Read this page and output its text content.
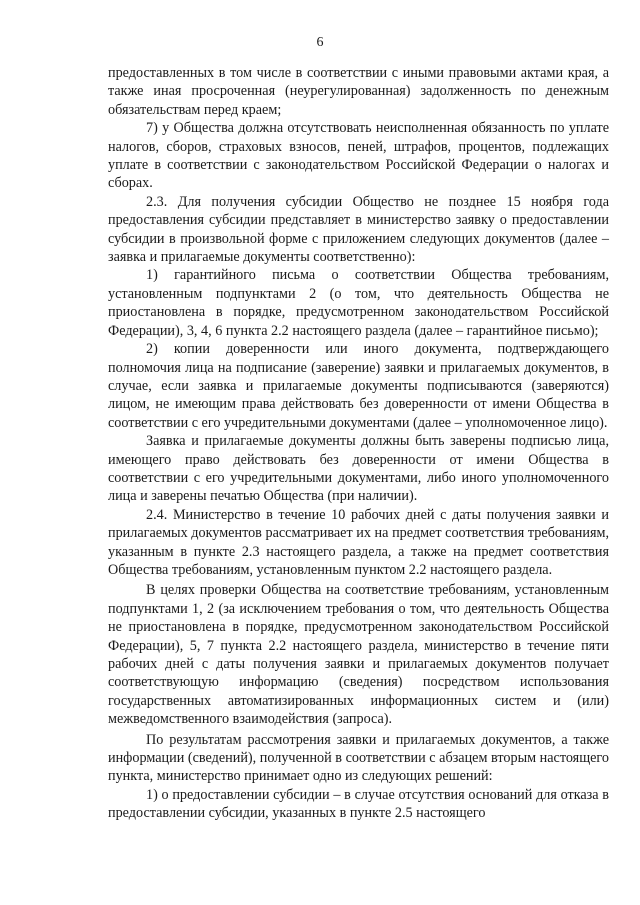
6

предоставленных в том числе в соответствии с иными правовыми актами края, а также иная просроченная (неурегулированная) задолженность по денежным обязательствам перед краем;

7) у Общества должна отсутствовать неисполненная обязанность по уплате налогов, сборов, страховых взносов, пеней, штрафов, процентов, подлежащих уплате в соответствии с законодательством Российской Федерации о налогах и сборах.

2.3. Для получения субсидии Общество не позднее 15 ноября года предоставления субсидии представляет в министерство заявку о предоставлении субсидии в произвольной форме с приложением следующих документов (далее – заявка и прилагаемые документы соответственно):

1) гарантийного письма о соответствии Общества требованиям, установленным подпунктами 2 (о том, что деятельность Общества не приостановлена в порядке, предусмотренном законодательством Российской Федерации), 3, 4, 6 пункта 2.2 настоящего раздела (далее – гарантийное письмо);

2) копии доверенности или иного документа, подтверждающего полномочия лица на подписание (заверение) заявки и прилагаемых документов, в случае, если заявка и прилагаемые документы подписываются (заверяются) лицом, не имеющим права действовать без доверенности от имени Общества в соответствии с его учредительными документами (далее – уполномоченное лицо).

Заявка и прилагаемые документы должны быть заверены подписью лица, имеющего право действовать без доверенности от имени Общества в соответствии с его учредительными документами, либо иного уполномоченного лица и заверены печатью Общества (при наличии).

2.4. Министерство в течение 10 рабочих дней с даты получения заявки и прилагаемых документов рассматривает их на предмет соответствия требованиям, указанным в пункте 2.3 настоящего раздела, а также на предмет соответствия Общества требованиям, установленным пунктом 2.2 настоящего раздела.

В целях проверки Общества на соответствие требованиям, установленным подпунктами 1, 2 (за исключением требования о том, что деятельность Общества не приостановлена в порядке, предусмотренном законодательством Российской Федерации), 5, 7 пункта 2.2 настоящего раздела, министерство в течение пяти рабочих дней с даты получения заявки и прилагаемых документов получает соответствующую информацию (сведения) посредством использования государственных автоматизированных информационных систем и (или) межведомственного взаимодействия (запроса).

По результатам рассмотрения заявки и прилагаемых документов, а также информации (сведений), полученной в соответствии с абзацем вторым настоящего пункта, министерство принимает одно из следующих решений:

1) о предоставлении субсидии – в случае отсутствия оснований для отказа в предоставлении субсидии, указанных в пункте 2.5 настоящего
